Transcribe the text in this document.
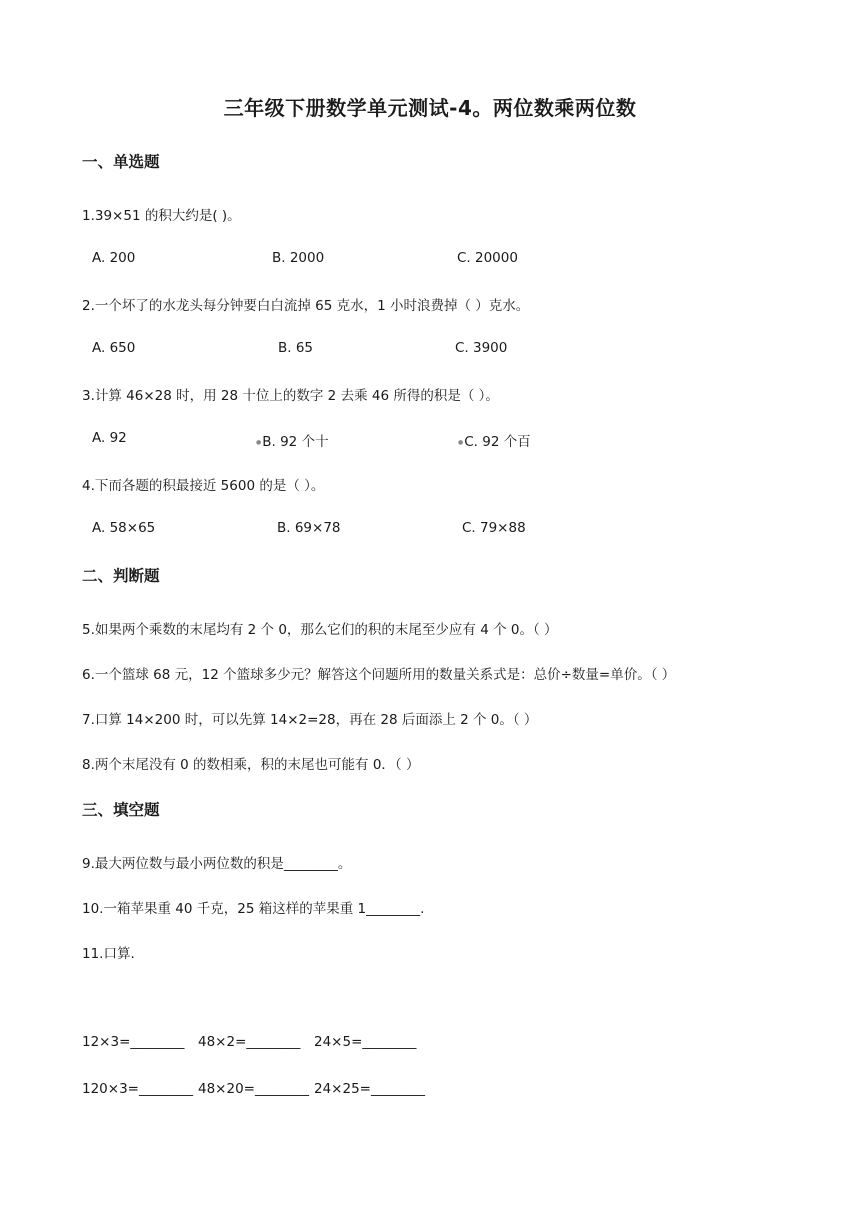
三年级下册数学单元测试-4。两位数乘两位数
一、单选题
1.39×51 的积大约是( )。
A. 200	B. 2000	C. 20000
2.一个坏了的水龙头每分钟要白白流掉 65 克水，1 小时浪费掉（ ）克水。
A. 650	B. 65	C. 3900
3.计算 46×28 时，用 28 十位上的数字 2 去乘 46 所得的积是（ ）。
A. 92	●B. 92 个十	●C. 92 个百
4.下而各题的积最接近 5600 的是（ ）。
A. 58×65	B. 69×78	C. 79×88
二、判断题
5.如果两个乘数的末尾均有 2 个 0，那么它们的积的末尾至少应有 4 个 0。（ ）
6.一个篮球 68 元，12 个篮球多少元？解答这个问题所用的数量关系式是：总价÷数量=单价。（ ）
7.口算 14×200 时，可以先算 14×2=28，再在 28 后面添上 2 个 0。（ ）
8.两个末尾没有 0 的数相乘，积的末尾也可能有 0．（ ）
三、填空题
9.最大两位数与最小两位数的积是________。
10.一箱苹果重 40 千克，25 箱这样的苹果重 1________.
11.口算.
12×3=________ 48×2=________ 24×5=________
120×3=________ 48×20=________ 24×25=________
